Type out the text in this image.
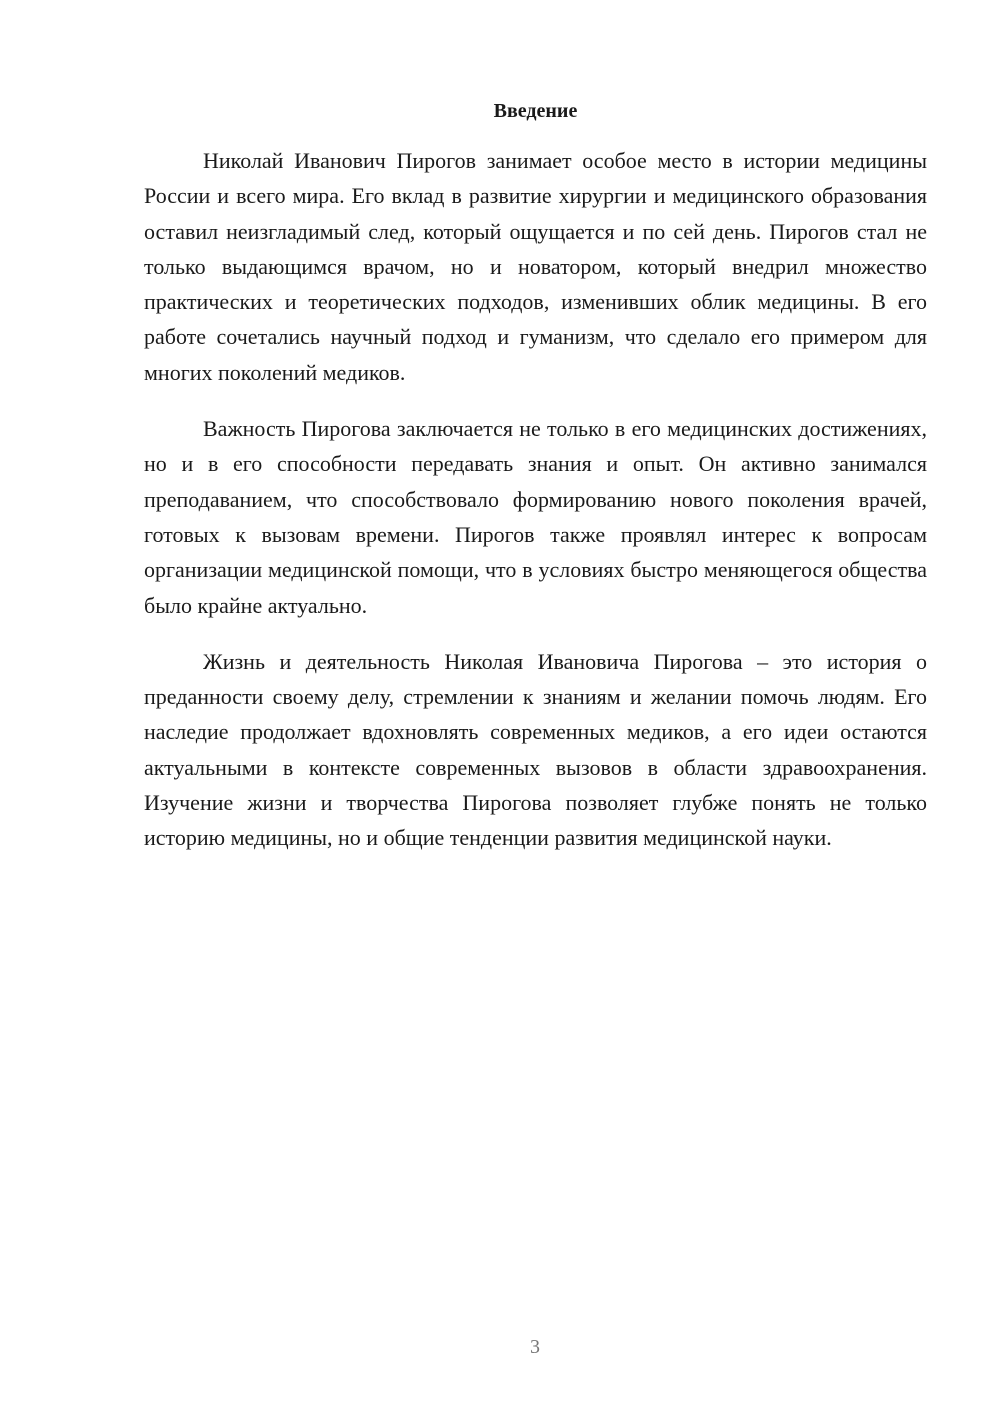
Введение

Николай Иванович Пирогов занимает особое место в истории медицины России и всего мира. Его вклад в развитие хирургии и медицинского образования оставил неизгладимый след, который ощущается и по сей день. Пирогов стал не только выдающимся врачом, но и новатором, который внедрил множество практических и теоретических подходов, изменивших облик медицины. В его работе сочетались научный подход и гуманизм, что сделало его примером для многих поколений медиков.

Важность Пирогова заключается не только в его медицинских достижениях, но и в его способности передавать знания и опыт. Он активно занимался преподаванием, что способствовало формированию нового поколения врачей, готовых к вызовам времени. Пирогов также проявлял интерес к вопросам организации медицинской помощи, что в условиях быстро меняющегося общества было крайне актуально.

Жизнь и деятельность Николая Ивановича Пирогова – это история о преданности своему делу, стремлении к знаниям и желании помочь людям. Его наследие продолжает вдохновлять современных медиков, а его идеи остаются актуальными в контексте современных вызовов в области здравоохранения. Изучение жизни и творчества Пирогова позволяет глубже понять не только историю медицины, но и общие тенденции развития медицинской науки.

3
